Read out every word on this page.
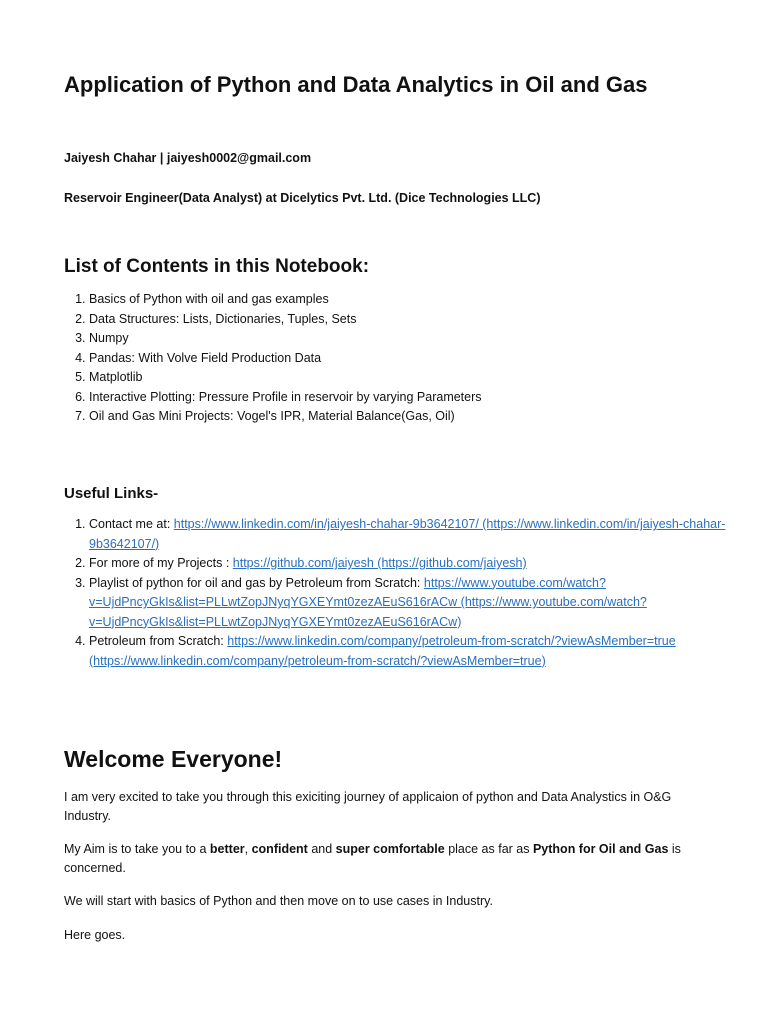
Application of Python and Data Analytics in Oil and Gas

Jaiyesh Chahar | jaiyesh0002@gmail.com

Reservoir Engineer(Data Analyst) at Dicelytics Pvt. Ltd. (Dice Technologies LLC)

List of Contents in this Notebook:
1. Basics of Python with oil and gas examples
2. Data Structures: Lists, Dictionaries, Tuples, Sets
3. Numpy
4. Pandas: With Volve Field Production Data
5. Matplotlib
6. Interactive Plotting: Pressure Profile in reservoir by varying Parameters
7. Oil and Gas Mini Projects: Vogel's IPR, Material Balance(Gas, Oil)
Useful Links-
1. Contact me at: https://www.linkedin.com/in/jaiyesh-chahar-9b3642107/ (https://www.linkedin.com/in/jaiyesh-chahar-9b3642107/)
2. For more of my Projects : https://github.com/jaiyesh (https://github.com/jaiyesh)
3. Playlist of python for oil and gas by Petroleum from Scratch: https://www.youtube.com/watch?v=UjdPncyGkIs&list=PLLwtZopJNyqYGXEYmt0zezAEuS616rACw (https://www.youtube.com/watch?v=UjdPncyGkIs&list=PLLwtZopJNyqYGXEYmt0zezAEuS616rACw)
4. Petroleum from Scratch: https://www.linkedin.com/company/petroleum-from-scratch/?viewAsMember=true (https://www.linkedin.com/company/petroleum-from-scratch/?viewAsMember=true)
Welcome Everyone!

I am very excited to take you through this exiciting journey of applicaion of python and Data Analystics in O&G Industry.

My Aim is to take you to a better, confident and super comfortable place as far as Python for Oil and Gas is concerned.

We will start with basics of Python and then move on to use cases in Industry.

Here goes.
